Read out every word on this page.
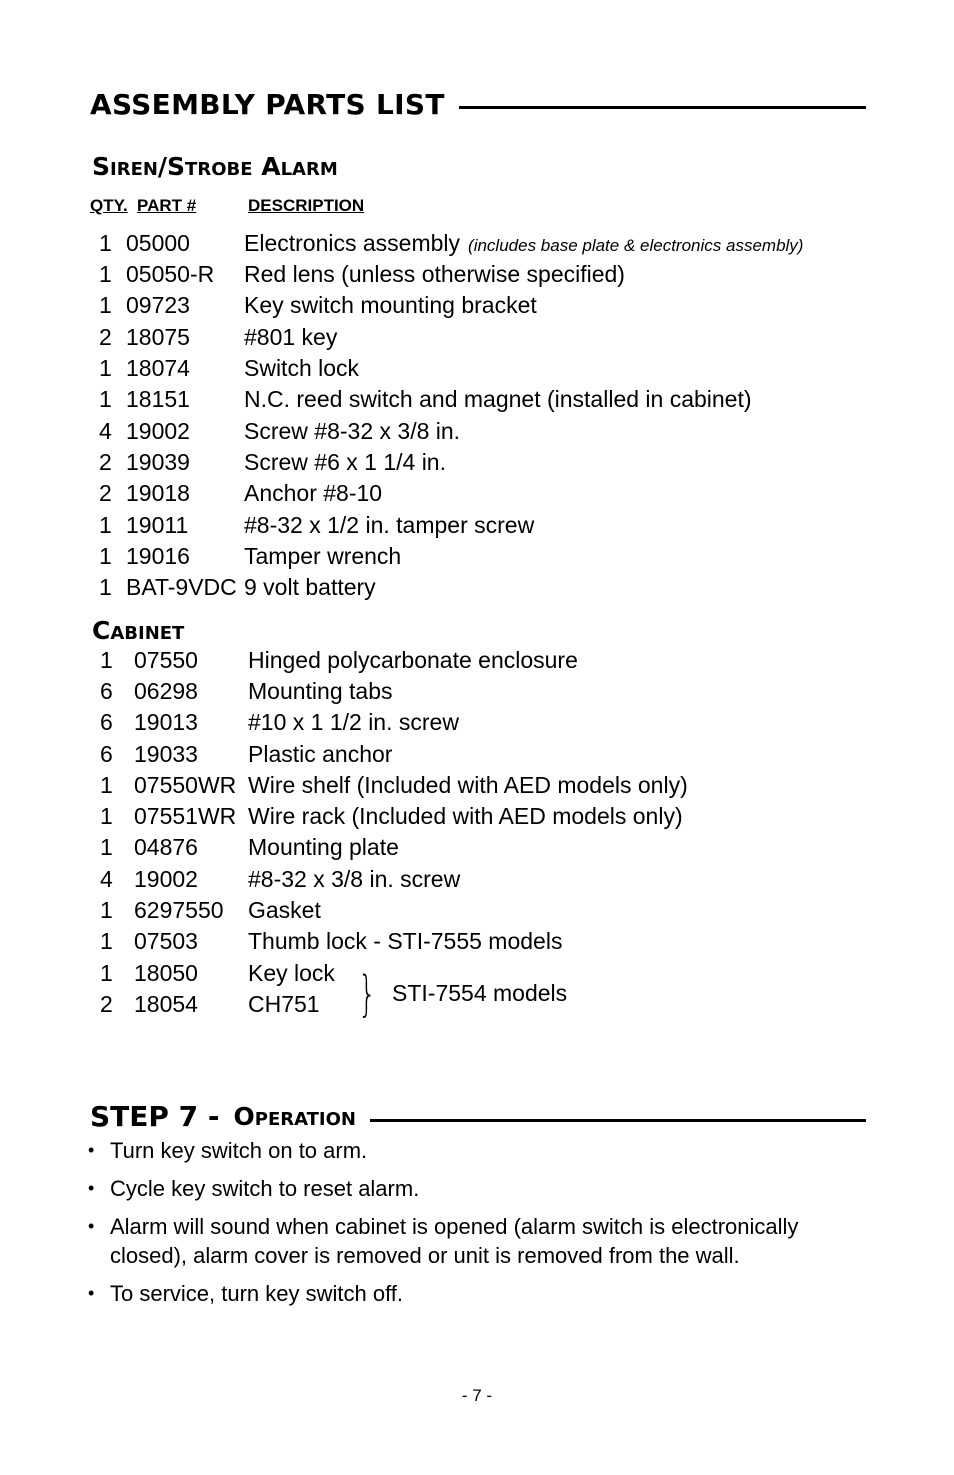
ASSEMBLY PARTS LIST
Siren/Strobe Alarm
QTY. PART #	DESCRIPTION
1 05000 Electronics assembly (includes base plate & electronics assembly)
1 05050-R Red lens (unless otherwise specified)
1 09723 Key switch mounting bracket
2 18075 #801 key
1 18074 Switch lock
1 18151 N.C. reed switch and magnet (installed in cabinet)
4 19002 Screw #8-32 x 3/8 in.
2 19039 Screw #6 x 1 1/4 in.
2 19018 Anchor #8-10
1 19011 #8-32 x 1/2 in. tamper screw
1 19016 Tamper wrench
1 BAT-9VDC 9 volt battery
Cabinet
1 07550 Hinged polycarbonate enclosure
6 06298 Mounting tabs
6 19013 #10 x 1 1/2 in. screw
6 19033 Plastic anchor
1 07550WR Wire shelf (Included with AED models only)
1 07551WR Wire rack (Included with AED models only)
1 04876 Mounting plate
4 19002 #8-32 x 3/8 in. screw
1 6297550 Gasket
1 07503 Thumb lock - STI-7555 models
1 18050 Key lock
2 18054 CH751 } STI-7554 models
STEP 7 - Operation
• Turn key switch on to arm.
• Cycle key switch to reset alarm.
• Alarm will sound when cabinet is opened (alarm switch is electronically closed), alarm cover is removed or unit is removed from the wall.
• To service, turn key switch off.
- 7 -
